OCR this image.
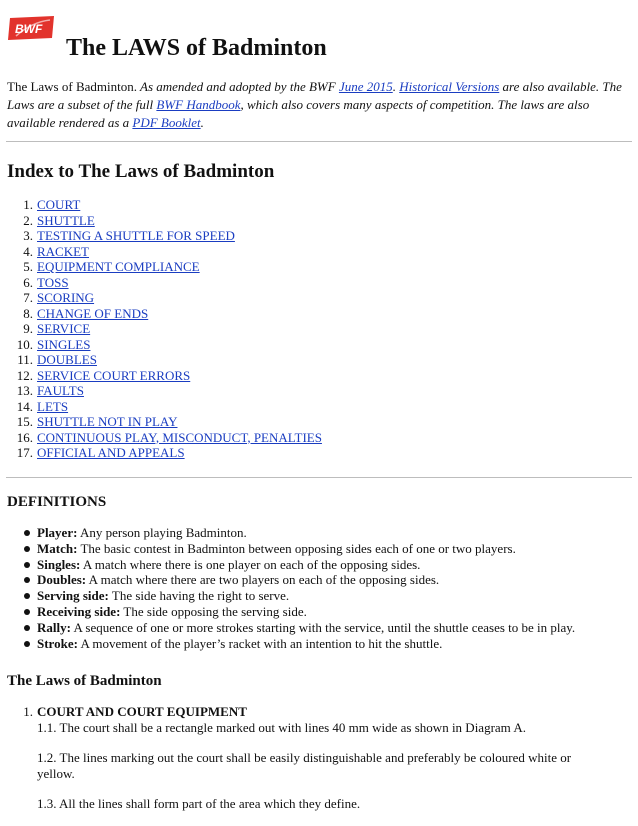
BWF
The LAWS of Badminton

The Laws of Badminton. As amended and adopted by the BWF June 2015. Historical Versions are also available. The Laws are a subset of the full BWF Handbook, which also covers many aspects of competition. The laws are also available rendered as a PDF Booklet.

Index to The Laws of Badminton
1. COURT
2. SHUTTLE
3. TESTING A SHUTTLE FOR SPEED
4. RACKET
5. EQUIPMENT COMPLIANCE
6. TOSS
7. SCORING
8. CHANGE OF ENDS
9. SERVICE
10. SINGLES
11. DOUBLES
12. SERVICE COURT ERRORS
13. FAULTS
14. LETS
15. SHUTTLE NOT IN PLAY
16. CONTINUOUS PLAY, MISCONDUCT, PENALTIES
17. OFFICIAL AND APPEALS
DEFINITIONS
Player: Any person playing Badminton.
Match: The basic contest in Badminton between opposing sides each of one or two players.
Singles: A match where there is one player on each of the opposing sides.
Doubles: A match where there are two players on each of the opposing sides.
Serving side: The side having the right to serve.
Receiving side: The side opposing the serving side.
Rally: A sequence of one or more strokes starting with the service, until the shuttle ceases to be in play.
Stroke: A movement of the player’s racket with an intention to hit the shuttle.
The Laws of Badminton
1. COURT AND COURT EQUIPMENT

1.1. The court shall be a rectangle marked out with lines 40 mm wide as shown in Diagram A.

1.2. The lines marking out the court shall be easily distinguishable and preferably be coloured white or yellow.

1.3. All the lines shall form part of the area which they define.
